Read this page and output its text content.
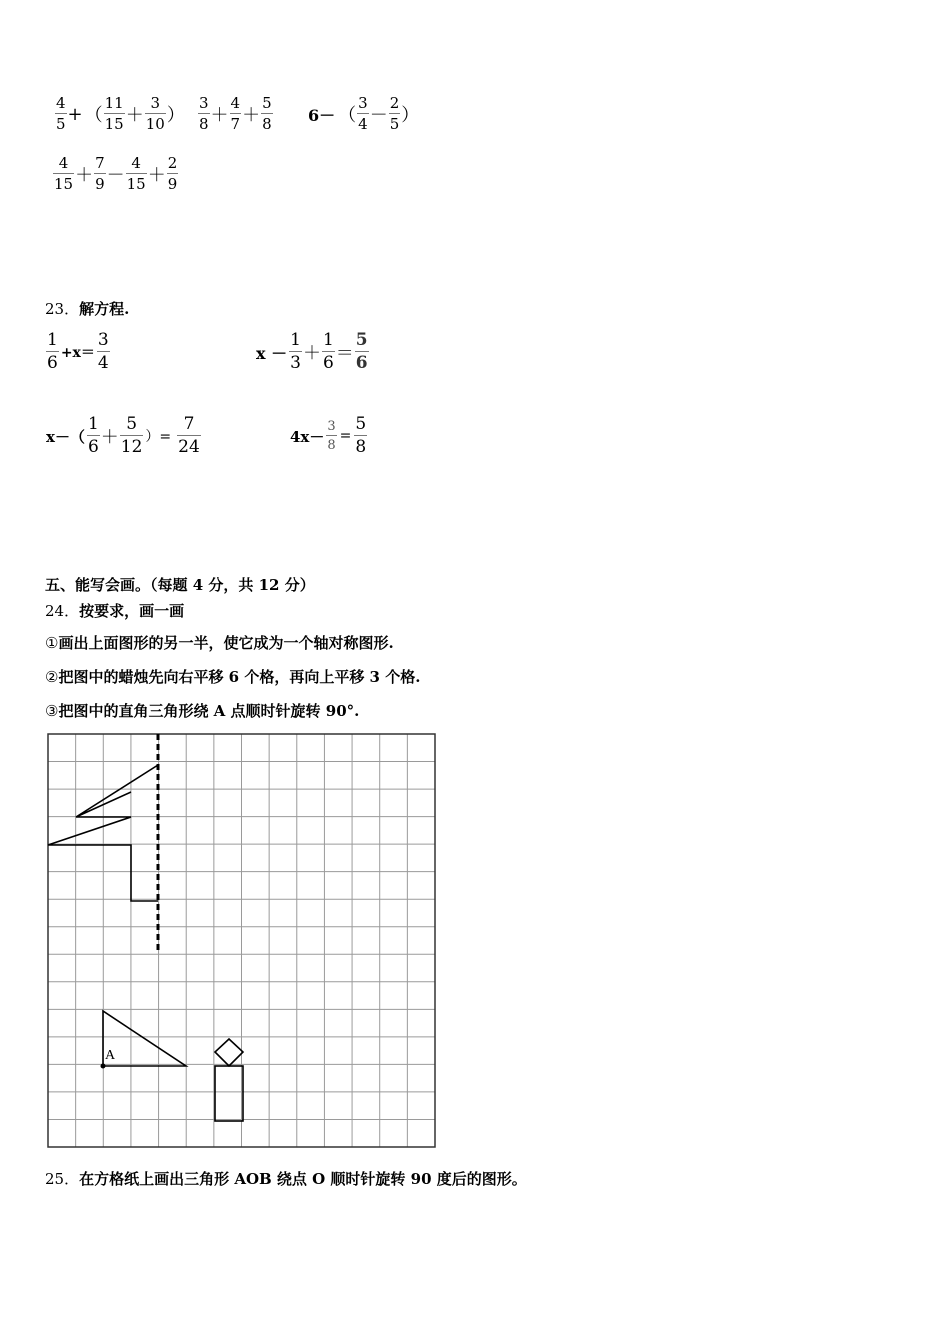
$\frac{4}{5}$ + （ $\frac{11}{15} + \frac{3}{10}$ ） $\frac{3}{8} + \frac{4}{7} + \frac{5}{8} 6-$ （ $\frac{3}{4} - \frac{2}{5}$ ）
$\frac{4}{15} + \frac{7}{9} - \frac{4}{15} + \frac{2}{9}$
23．解方程.
$\frac{1}{6} +x= \frac{3}{4}$	$x - \frac{1}{3} + \frac{1}{6} = \frac{5}{6}$
$x-( \frac{1}{6} + \frac{5}{12}$ ）= $\frac{7}{24}$	$4x- \frac{3}{8} = \frac{5}{8}$
五、能写会画。（每题 4 分，共 12 分）
24．按要求，画一画
①画出上面图形的另一半，使它成为一个轴对称图形.
②把图中的蜡烛先向右平移 6 个格，再向上平移 3 个格.
③把图中的直角三角形绕 A 点顺时针旋转 90°.
A
25．在方格纸上画出三角形 AOB 绕点 O 顺时针旋转 90 度后的图形。
